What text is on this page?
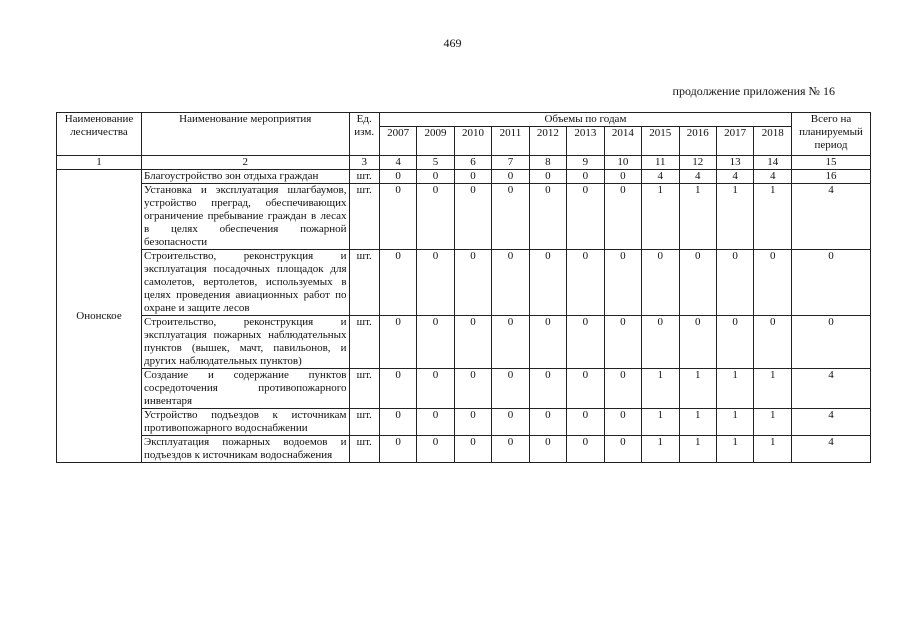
469
продолжение приложения № 16
Наименование лесничества	Наименование мероприятия	Ед. изм.	Объемы по годам											Всего на планируемый период
			2007	2009	2010	2011	2012	2013	2014	2015	2016	2017	2018	
1	2	3	4	5	6	7	8	9	10	11	12	13	14	15
Ононское	Благоустройство зон отдыха граждан	шт.	0	0	0	0	0	0	0	4	4	4	4	16
	Установка и эксплуатация шлагбаумов, устройство преград, обеспечивающих ограничение пребывание граждан в лесах в целях обеспечения пожарной безопасности	шт.	0	0	0	0	0	0	0	1	1	1	1	4
	Строительство, реконструкция и эксплуатация посадочных площадок для самолетов, вертолетов, используемых в целях проведения авиационных работ по охране и защите лесов	шт.	0	0	0	0	0	0	0	0	0	0	0	0
	Строительство, реконструкция и эксплуатация пожарных наблюдательных пунктов (вышек, мачт, павильонов, и других наблюдательных пунктов)	шт.	0	0	0	0	0	0	0	0	0	0	0	0
	Создание и содержание пунктов сосредоточения противопожарного инвентаря	шт.	0	0	0	0	0	0	0	1	1	1	1	4
	Устройство подъездов к источникам противопожарного водоснабжении	шт.	0	0	0	0	0	0	0	1	1	1	1	4
	Эксплуатация пожарных водоемов и подъездов к источникам водоснабжения	шт.	0	0	0	0	0	0	0	1	1	1	1	4
